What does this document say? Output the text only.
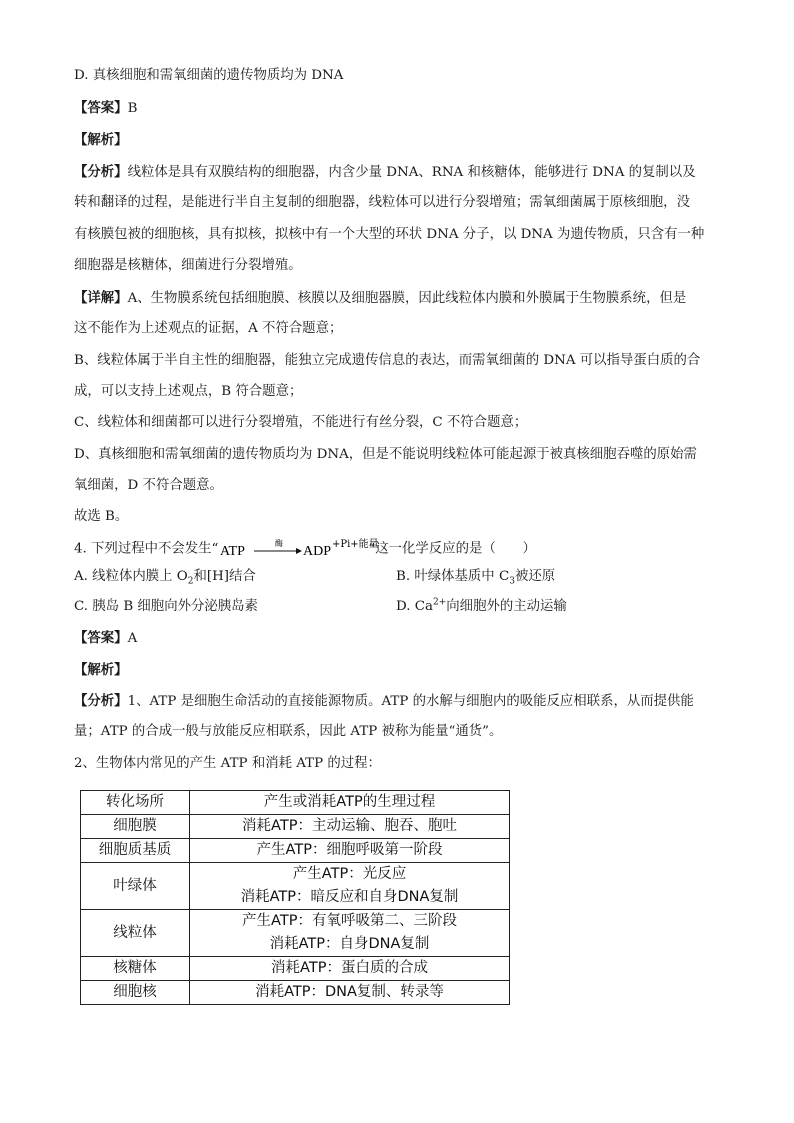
D. 真核细胞和需氧细菌的遗传物质均为 DNA
【答案】B
【解析】
【分析】线粒体是具有双膜结构的细胞器，内含少量 DNA、RNA 和核糖体，能够进行 DNA 的复制以及
转和翻译的过程，是能进行半自主复制的细胞器，线粒体可以进行分裂增殖；需氧细菌属于原核细胞，没
有核膜包被的细胞核，具有拟核，拟核中有一个大型的环状 DNA 分子，以 DNA 为遗传物质，只含有一种
细胞器是核糖体，细菌进行分裂增殖。
【详解】A、生物膜系统包括细胞膜、核膜以及细胞器膜，因此线粒体内膜和外膜属于生物膜系统，但是
这不能作为上述观点的证据，A 不符合题意；
B、线粒体属于半自主性的细胞器，能独立完成遗传信息的表达，而需氧细菌的 DNA 可以指导蛋白质的合
成，可以支持上述观点，B 符合题意；
C、线粒体和细菌都可以进行分裂增殖，不能进行有丝分裂，C 不符合题意；
D、真核细胞和需氧细菌的遗传物质均为 DNA，但是不能说明线粒体可能起源于被真核细胞吞噬的原始需
氧细菌，D 不符合题意。
故选 B。
4. 下列过程中不会发生“ ATP
酶
ADP +Pi+能量
”这一化学反应的是（　　）
A. 线粒体内膜上 $O_2$和[H]结合	B. 叶绿体基质中 $C_3$被还原
C. 胰岛 B 细胞向外分泌胰岛素	D. $Ca^{2+}$向细胞外的主动运输
【答案】A
【解析】
【分析】1、ATP 是细胞生命活动的直接能源物质。ATP 的水解与细胞内的吸能反应相联系，从而提供能
量；ATP 的合成一般与放能反应相联系，因此 ATP 被称为能量“通货”。
2、生物体内常见的产生 ATP 和消耗 ATP 的过程：
转化场所	产生或消耗ATP的生理过程
细胞膜	消耗ATP：主动运输、胞吞、胞吐
细胞质基质	产生ATP：细胞呼吸第一阶段
叶绿体	产生ATP：光反应
消耗ATP：暗反应和自身DNA复制

线粒体	产生ATP：有氧呼吸第二、三阶段
消耗ATP：自身DNA复制

核糖体	消耗ATP：蛋白质的合成
细胞核	消耗ATP：DNA复制、转录等
